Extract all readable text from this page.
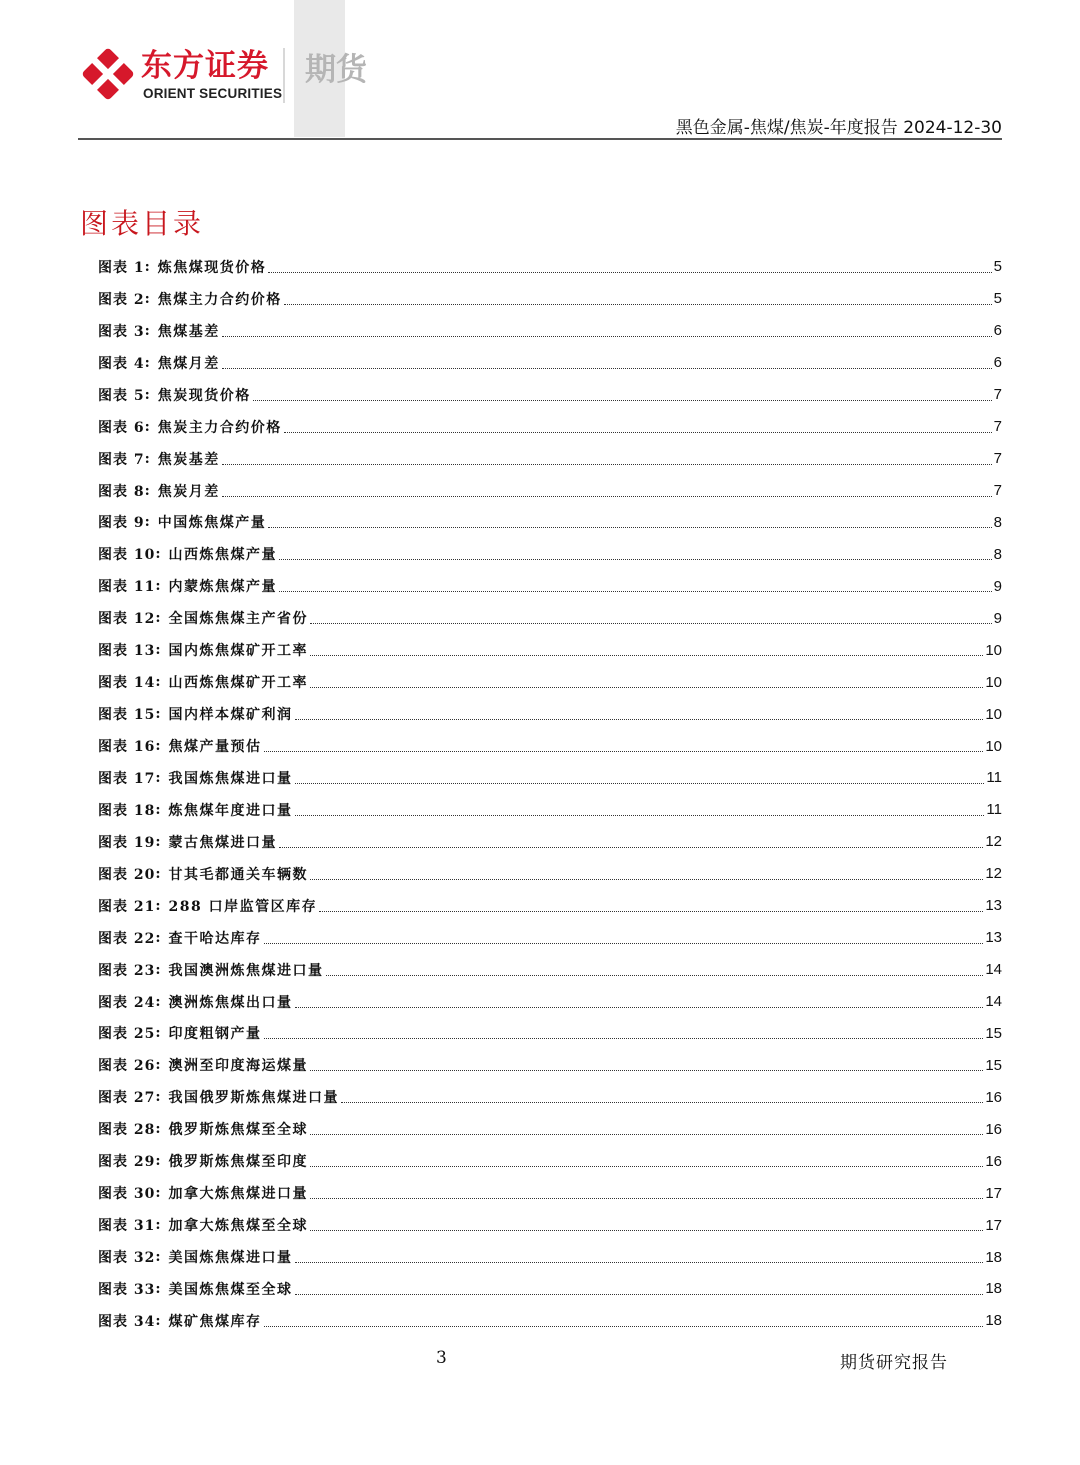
东方证券
ORIENT SECURITIES
期货
黑色金属-焦煤/焦炭-年度报告 2024-12-30
图表目录
图表 1 : 炼焦煤现货价格	5
图表 2 : 焦煤主力合约价格	5
图表 3 : 焦煤基差	6
图表 4 : 焦煤月差	6
图表 5 : 焦炭现货价格	7
图表 6 : 焦炭主力合约价格	7
图表 7 : 焦炭基差	7
图表 8 : 焦炭月差	7
图表 9 : 中国炼焦煤产量	8
图表 10 : 山西炼焦煤产量	8
图表 11 : 内蒙炼焦煤产量	9
图表 12 : 全国炼焦煤主产省份	9
图表 13 : 国内炼焦煤矿开工率	10
图表 14 : 山西炼焦煤矿开工率	10
图表 15 : 国内样本煤矿利润	10
图表 16 : 焦煤产量预估	10
图表 17 : 我国炼焦煤进口量	11
图表 18 : 炼焦煤年度进口量	11
图表 19 : 蒙古焦煤进口量	12
图表 20 : 甘其毛都通关车辆数	12
图表 21 : 288 口岸监管区库存	13
图表 22 : 查干哈达库存	13
图表 23 : 我国澳洲炼焦煤进口量	14
图表 24 : 澳洲炼焦煤出口量	14
图表 25 : 印度粗钢产量	15
图表 26 : 澳洲至印度海运煤量	15
图表 27 : 我国俄罗斯炼焦煤进口量	16
图表 28 : 俄罗斯炼焦煤至全球	16
图表 29 : 俄罗斯炼焦煤至印度	16
图表 30 : 加拿大炼焦煤进口量	17
图表 31 : 加拿大炼焦煤至全球	17
图表 32 : 美国炼焦煤进口量	18
图表 33 : 美国炼焦煤至全球	18
图表 34 : 煤矿焦煤库存	18
3	期货研究报告
